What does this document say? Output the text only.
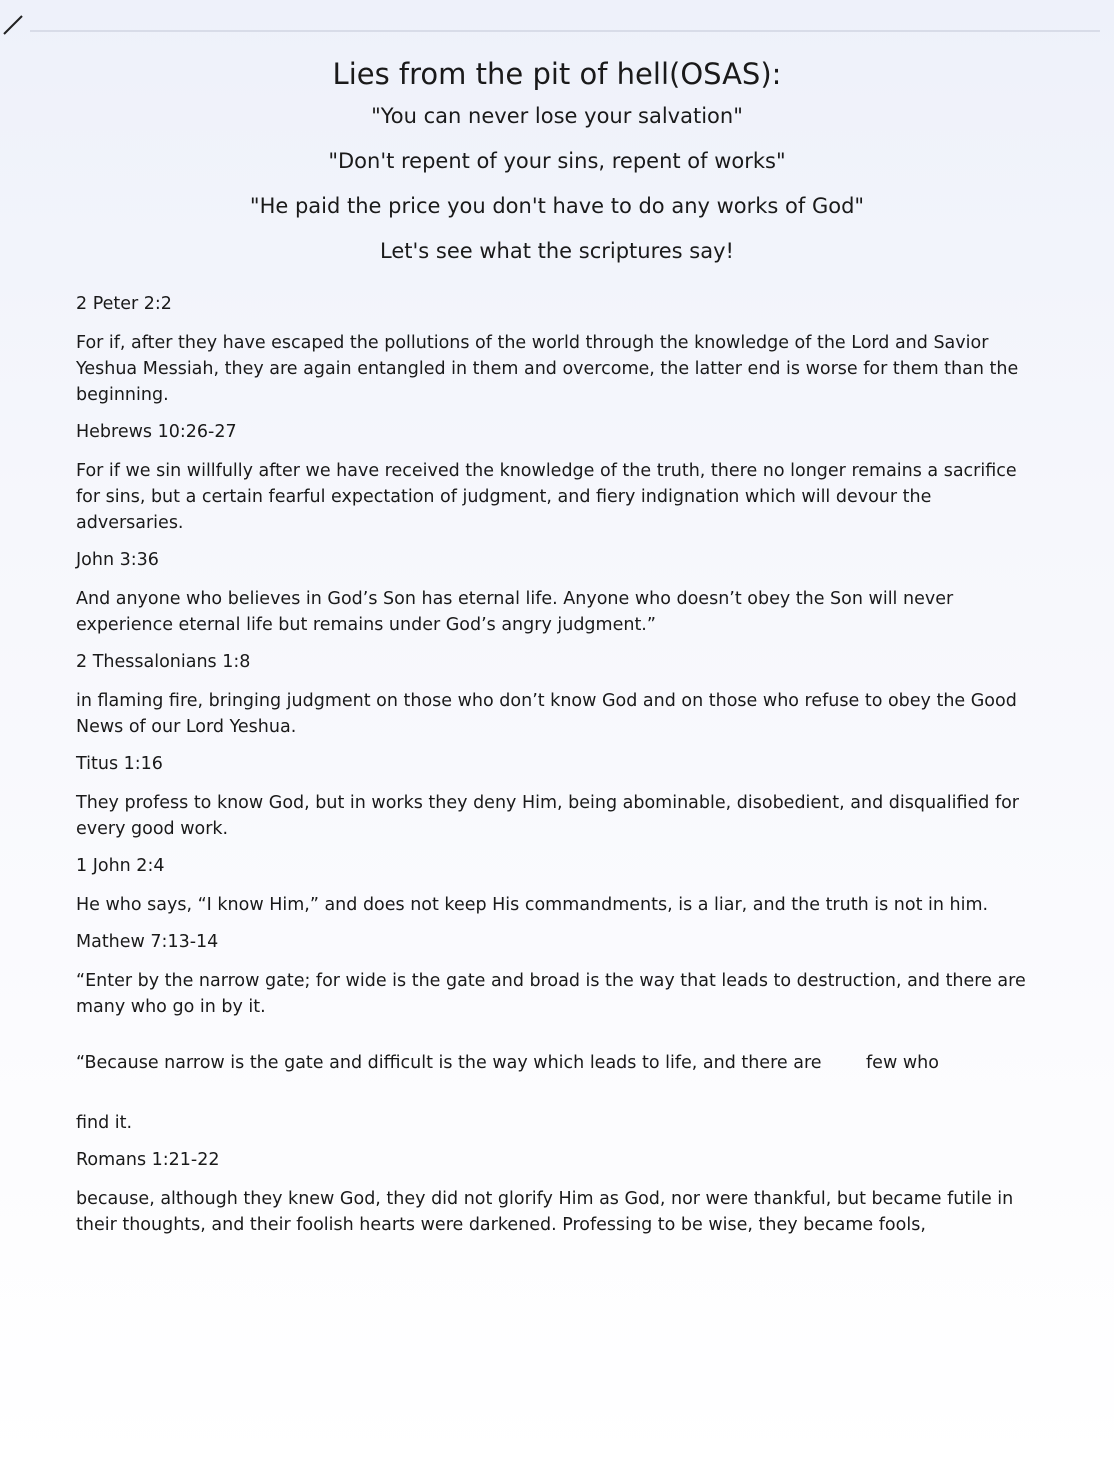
Lies from the pit of hell(OSAS):
"You can never lose your salvation"
"Don't repent of your sins, repent of works"
"He paid the price you don't have to do any works of God"
Let's see what the scriptures say!
2 Peter 2:2
For if, after they have escaped the pollutions of the world through the knowledge of the Lord and Savior Yeshua Messiah, they are again entangled in them and overcome, the latter end is worse for them than the beginning.
Hebrews 10:26-27
For if we sin willfully after we have received the knowledge of the truth, there no longer remains a sacrifice for sins, but a certain fearful expectation of judgment, and fiery indignation which will devour the adversaries.
John 3:36
And anyone who believes in God’s Son has eternal life. Anyone who doesn’t obey the Son will never experience eternal life but remains under God’s angry judgment.”
2 Thessalonians 1:8
in flaming fire, bringing judgment on those who don’t know God and on those who refuse to obey the Good News of our Lord Yeshua.
Titus 1:16
They profess to know God, but in works they deny Him, being abominable, disobedient, and disqualified for every good work.
1 John 2:4
He who says, “I know Him,” and does not keep His commandments, is a liar, and the truth is not in him.
Mathew 7:13-14
“Enter by the narrow gate; for wide is the gate and broad is the way that leads to destruction, and there are many who go in by it.
“Because narrow is the gate and difficult is the way which leads to life, and there are        few who
find it.
Romans 1:21-22
because, although they knew God, they did not glorify Him as God, nor were thankful, but became futile in their thoughts, and their foolish hearts were darkened. Professing to be wise, they became fools,
